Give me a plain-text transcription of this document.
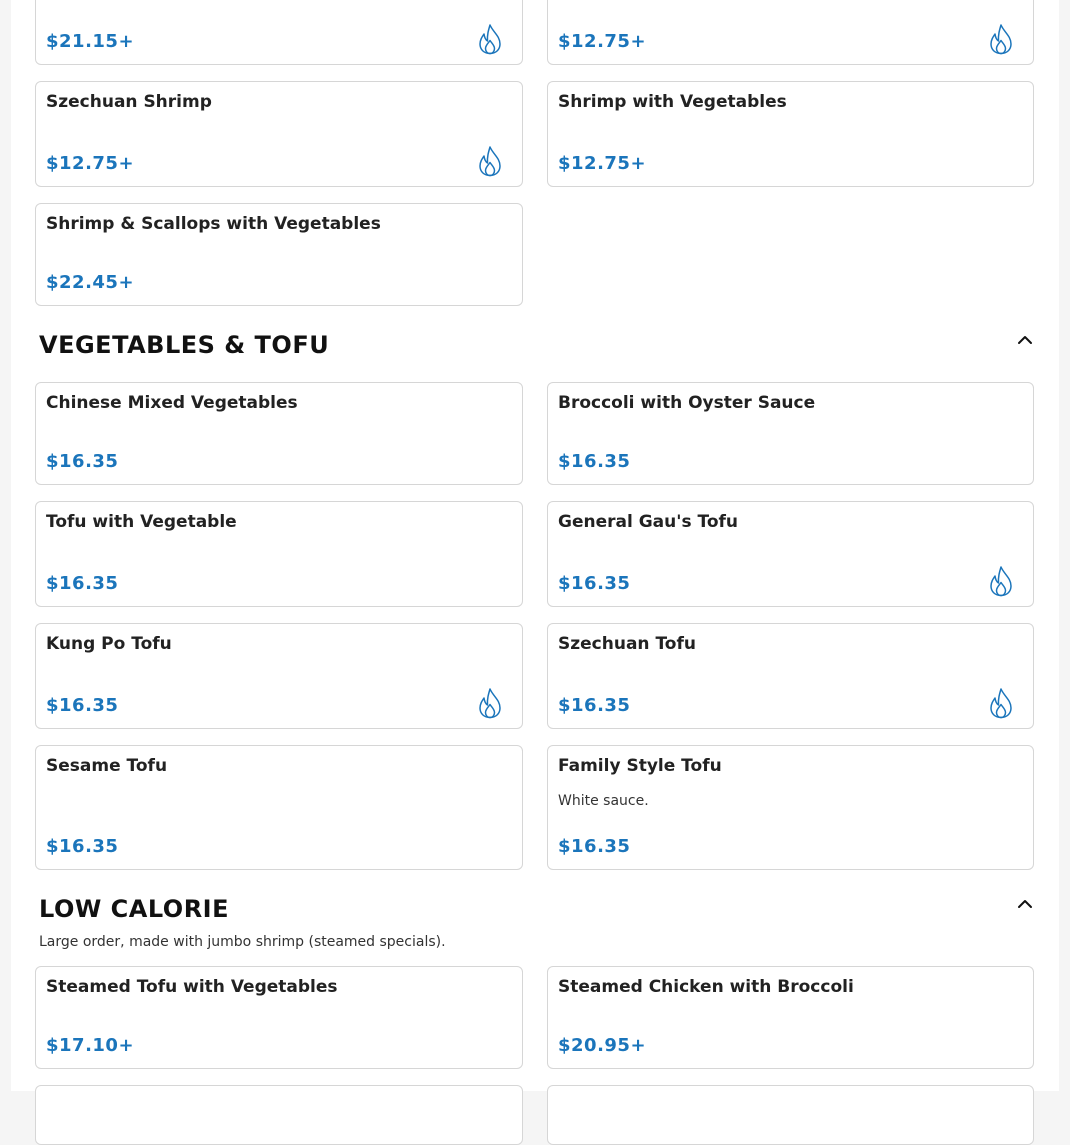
$21.15+	$12.75+
Szechuan Shrimp
$12.75+
Shrimp with Vegetables
$12.75+
Shrimp & Scallops with Vegetables
$22.45+
VEGETABLES & TOFU
Chinese Mixed Vegetables
$16.35
Broccoli with Oyster Sauce
$16.35
Tofu with Vegetable
$16.35
General Gau's Tofu
$16.35
Kung Po Tofu
$16.35
Szechuan Tofu
$16.35
Sesame Tofu
$16.35
Family Style Tofu
White sauce.
$16.35
LOW CALORIE
Large order, made with jumbo shrimp (steamed specials).
Steamed Tofu with Vegetables
$17.10+
Steamed Chicken with Broccoli
$20.95+
